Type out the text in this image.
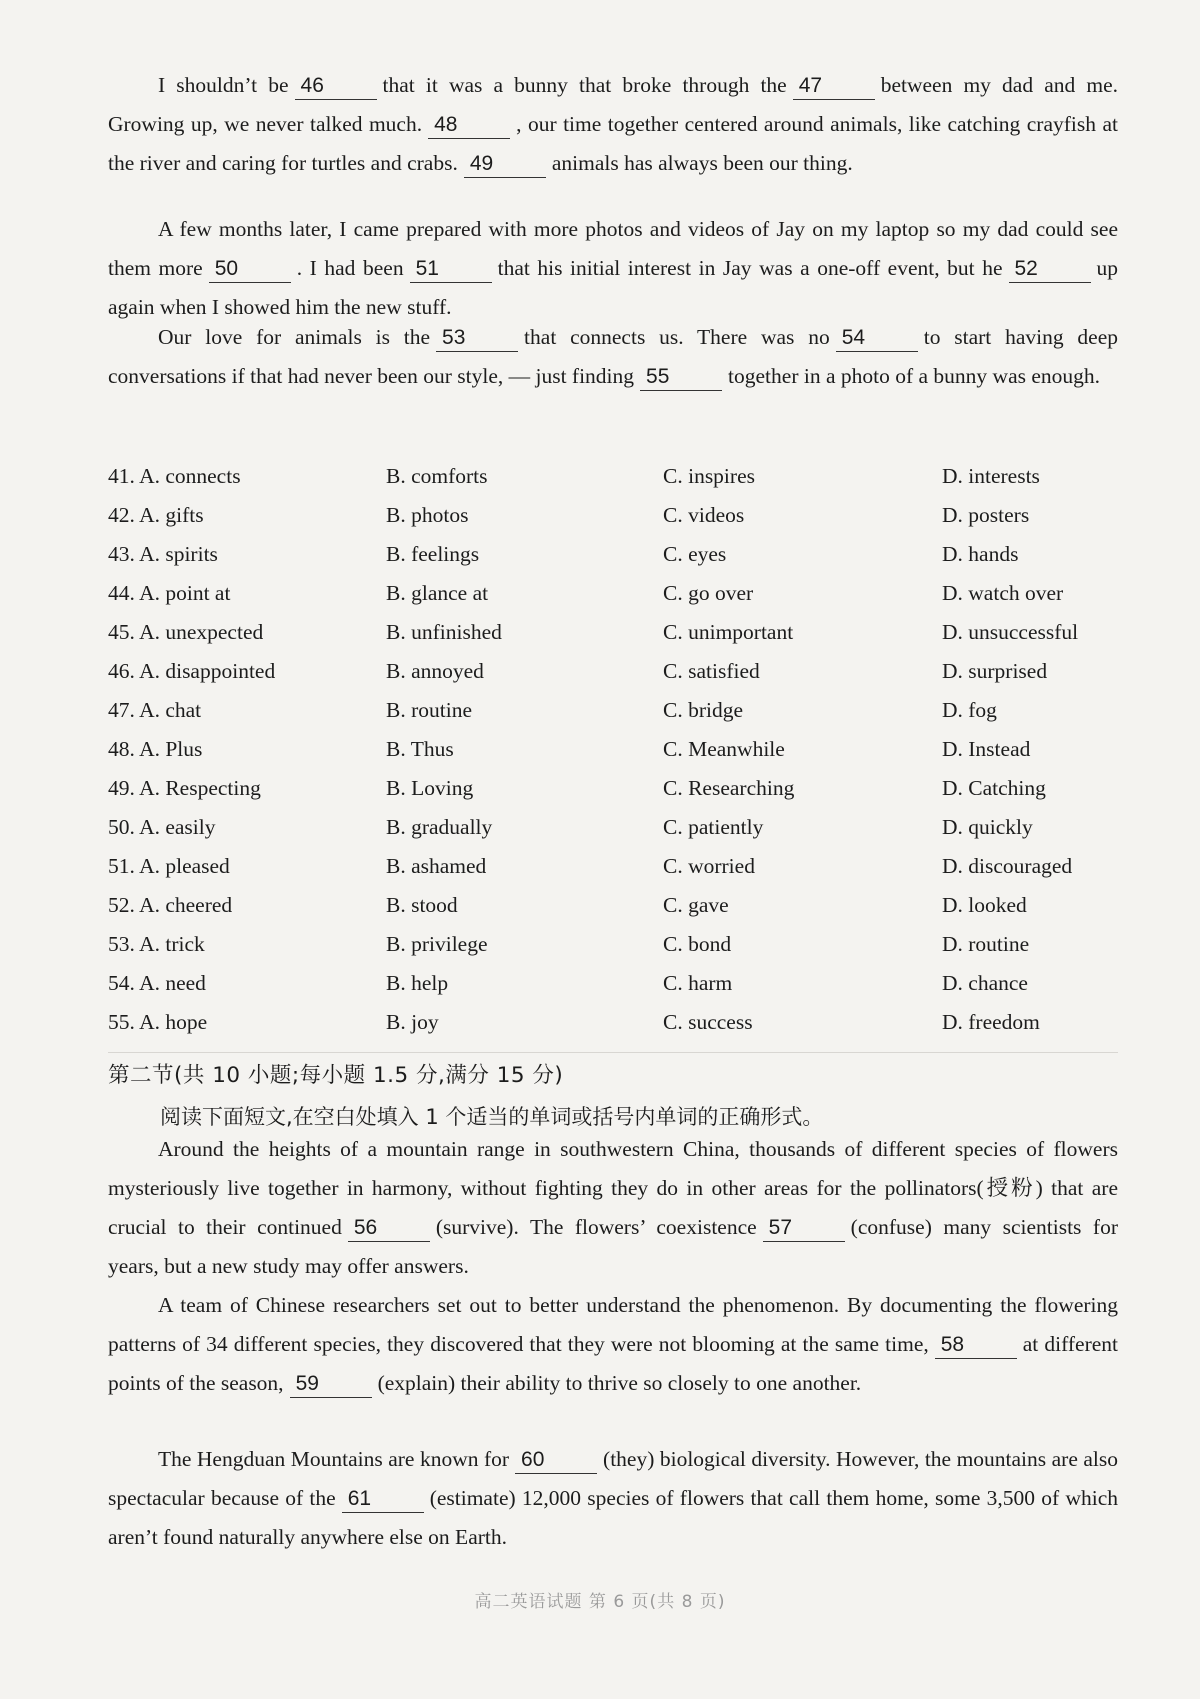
I shouldn’t be 46	that it was a bunny that broke through the 47	between my dad and me. Growing up, we never talked much. 48	, our time together centered around animals, like catching crayfish at the river and caring for turtles and crabs. 49	animals has always been our thing.

A few months later, I came prepared with more photos and videos of Jay on my laptop so my dad could see them more 50	. I had been 51	that his initial interest in Jay was a one-off event, but he 52	up again when I showed him the new stuff.

Our love for animals is the 53	that connects us. There was no 54	to start having deep conversations if that had never been our style, — just finding 55	together in a photo of a bunny was enough.

41. A. connects	B. comforts	C. inspires	D. interests
42. A. gifts	B. photos	C. videos	D. posters
43. A. spirits	B. feelings	C. eyes	D. hands
44. A. point at	B. glance at	C. go over	D. watch over
45. A. unexpected	B. unfinished	C. unimportant	D. unsuccessful
46. A. disappointed	B. annoyed	C. satisfied	D. surprised
47. A. chat	B. routine	C. bridge	D. fog
48. A. Plus	B. Thus	C. Meanwhile	D. Instead
49. A. Respecting	B. Loving	C. Researching	D. Catching
50. A. easily	B. gradually	C. patiently	D. quickly
51. A. pleased	B. ashamed	C. worried	D. discouraged
52. A. cheered	B. stood	C. gave	D. looked
53. A. trick	B. privilege	C. bond	D. routine
54. A. need	B. help	C. harm	D. chance
55. A. hope	B. joy	C. success	D. freedom
第二节(共 10 小题;每小题 1.5 分,满分 15 分)
阅读下面短文,在空白处填入 1 个适当的单词或括号内单词的正确形式。

Around the heights of a mountain range in southwestern China, thousands of different species of flowers mysteriously live together in harmony, without fighting they do in other areas for the pollinators(授粉) that are crucial to their continued 56	(survive). The flowers’ coexistence 57	(confuse) many scientists for years, but a new study may offer answers.

A team of Chinese researchers set out to better understand the phenomenon. By documenting the flowering patterns of 34 different species, they discovered that they were not blooming at the same time, 58	at different points of the season, 59	(explain) their ability to thrive so closely to one another.

The Hengduan Mountains are known for 60	(they) biological diversity. However, the mountains are also spectacular because of the 61	(estimate) 12,000 species of flowers that call them home, some 3,500 of which aren’t found naturally anywhere else on Earth.

高二英语试题 第 6 页(共 8 页)
